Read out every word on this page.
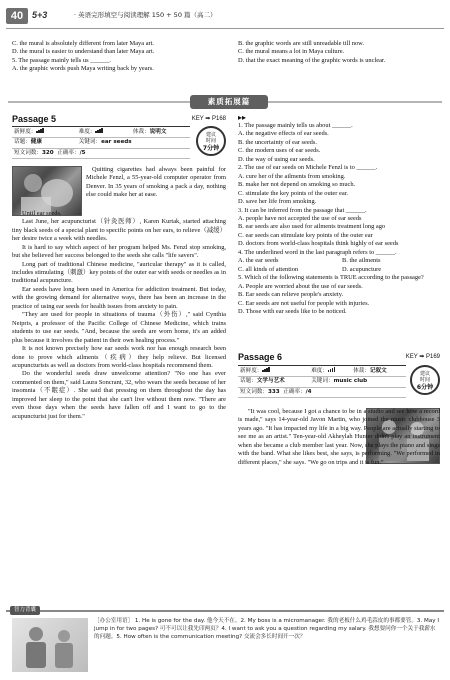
40 5+3	· 英语完形填空与阅读理解 150 + 50 篇（高二）

C. the mural is absolutely different from later Maya art.

D. the mural is easier to understand than later Maya art.

5. The passage mainly tells us ______.

A. the graphic words push Maya writing back by years.

B. the graphic words are still unreadable till now.

C. the mural means a lot in Maya culture.

D. that the exact meaning of the graphic words is unclear.

素质拓展篇
Passage 5	KEY ➡ P168
新鲜度：	难度：	体裁：说明文
话题：健康	关键词：ear seeds	
短文词数：320 正确率：/5		
建议
时间
7分钟

Quitting cigarettes had always been painful for Michele Fenzl, a 55-year-old computer operator from Denver. In 35 years of smoking a pack a day, nothing else could make her at ease.

Until ear seeds.

Last June, her acupuncturist（针灸医师）, Karen Kurtak, started attaching tiny black seeds of a special plant to specific points on her ears, to relieve（减缓）her desire twice a week with needles.

It is hard to say which aspect of her program helped Ms. Fenzl stop smoking, but she believed her success belonged to the seeds she calls "life savers".

Long part of traditional Chinese medicine, "auricular therapy" as it is called, includes stimulating（刺激）key points of the outer ear with seeds or needles as in traditional acupuncture.

Ear seeds have long been used in America for addiction treatment. But today, with the growing demand for alternative ways, there has been an increase in the practice of using ear seeds for health issues from anxiety to pain.

"They are used for people in situations of trauma（外伤）," said Cynthia Neipris, a professor of the Pacific College of Chinese Medicine, which trains students to use ear seeds. "And, because the seeds are worn home, it's an added plus because it involves the patient in their own healing process."

It is not known precisely how ear seeds work nor has enough research been done to prove which ailments（疾病）they help relieve. But licensed acupuncturists as well as doctors from world-class hospitals recommend them.

Do the wonderful seeds draw unwelcome attention? "No one has ever commented on them," said Laura Soncrant, 32, who wears the seeds because of her insomnia（不眠症）. She said that pressing on them throughout the day has improved her sleep to the point that she can't live without them now. "There are even those days when the seeds have fallen off and I want to go to the acupuncturist just for them."

▸▸

1. The passage mainly tells us about ______.

A. the negative effects of ear seeds.

B. the uncertainty of ear seeds.

C. the modern uses of ear seeds.

D. the way of using ear seeds.

2. The use of ear seeds on Michele Fenzl is to ______.

A. cure her of the ailments from smoking.

B. make her not depend on smoking so much.

C. stimulate the key points of the outer ear.

D. save her life from smoking.

3. It can be inferred from the passage that ______.

A. people have not accepted the use of ear seeds

B. ear seeds are also used for ailments treatment long ago

C. ear seeds can stimulate key points of the outer ear

D. doctors from world-class hospitals think highly of ear seeds

4. The underlined word in the last paragraph refers to ______.

A. the ear seeds	B. the ailments

C. all kinds of attention	D. acupuncture

5. Which of the following statements is TRUE according to the passage?

A. People are worried about the use of ear seeds.

B. Ear seeds can relieve people's anxiety.

C. Ear seeds are not useful for people with injuries.

D. Those with ear seeds like to be noticed.

Passage 6	KEY ➡ P169
新鲜度：	难度：	体裁：记叙文
话题：文学与艺术	关键词：music club	
短文词数：333 正确率：/4		
建议
时间
6分钟

"It was cool, because I got a chance to be in a studio and see how a record is made," says 14-year-old Javon Martin, who joined the music clubhouse 3 years ago. "It has impacted my life in a big way. People are actually starting to see me as an artist." Ten-year-old Akheylah Hunter didn't play an instrument when she became a club member last year. Now, she plays the piano and sings with the band. What she likes best, she says, is performing. "We performed in different places," she says. "We go on trips and it is fun."

智力背囊
［办公室用语］ 1. He is gone for the day. 他今天不在。2. My boss is a micromanager. 我的老板什么鸡毛蒜皮的事都要管。3. May I jump in for two pages? 可不可以让我先印两页？4. I want to ask you a question regarding my salary. 我想要问你一个关于我薪水的问题。5. How often is the communication meeting? 交流会多长时间开一次？
